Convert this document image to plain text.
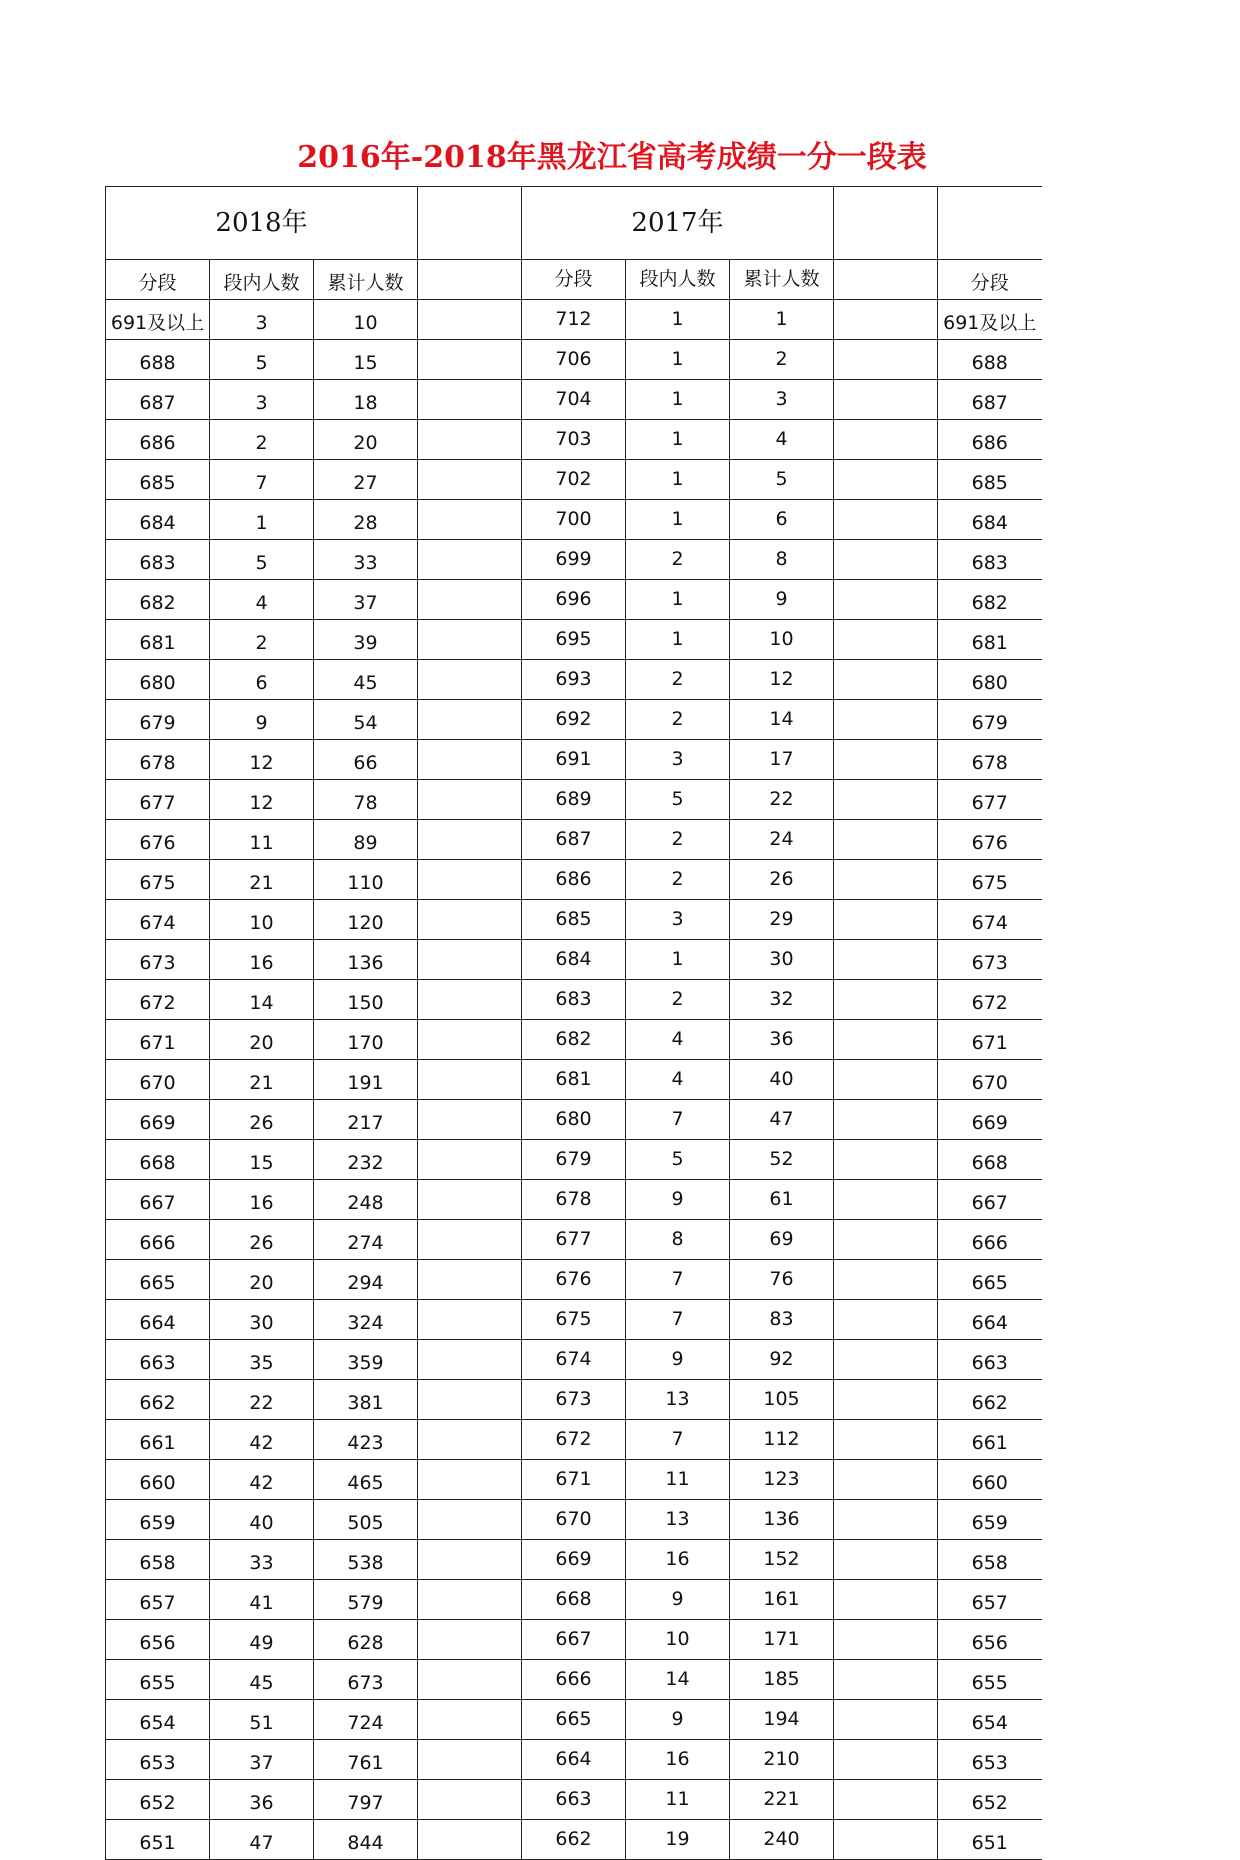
2016年-2018年黑龙江省高考成绩一分一段表
2018年				2017年				
分段	段内人数	累计人数		分段	段内人数	累计人数		分段
691及以上	3	10		712	1	1		691及以上
688	5	15		706	1	2		688
687	3	18		704	1	3		687
686	2	20		703	1	4		686
685	7	27		702	1	5		685
684	1	28		700	1	6		684
683	5	33		699	2	8		683
682	4	37		696	1	9		682
681	2	39		695	1	10		681
680	6	45		693	2	12		680
679	9	54		692	2	14		679
678	12	66		691	3	17		678
677	12	78		689	5	22		677
676	11	89		687	2	24		676
675	21	110		686	2	26		675
674	10	120		685	3	29		674
673	16	136		684	1	30		673
672	14	150		683	2	32		672
671	20	170		682	4	36		671
670	21	191		681	4	40		670
669	26	217		680	7	47		669
668	15	232		679	5	52		668
667	16	248		678	9	61		667
666	26	274		677	8	69		666
665	20	294		676	7	76		665
664	30	324		675	7	83		664
663	35	359		674	9	92		663
662	22	381		673	13	105		662
661	42	423		672	7	112		661
660	42	465		671	11	123		660
659	40	505		670	13	136		659
658	33	538		669	16	152		658
657	41	579		668	9	161		657
656	49	628		667	10	171		656
655	45	673		666	14	185		655
654	51	724		665	9	194		654
653	37	761		664	16	210		653
652	36	797		663	11	221		652
651	47	844		662	19	240		651
